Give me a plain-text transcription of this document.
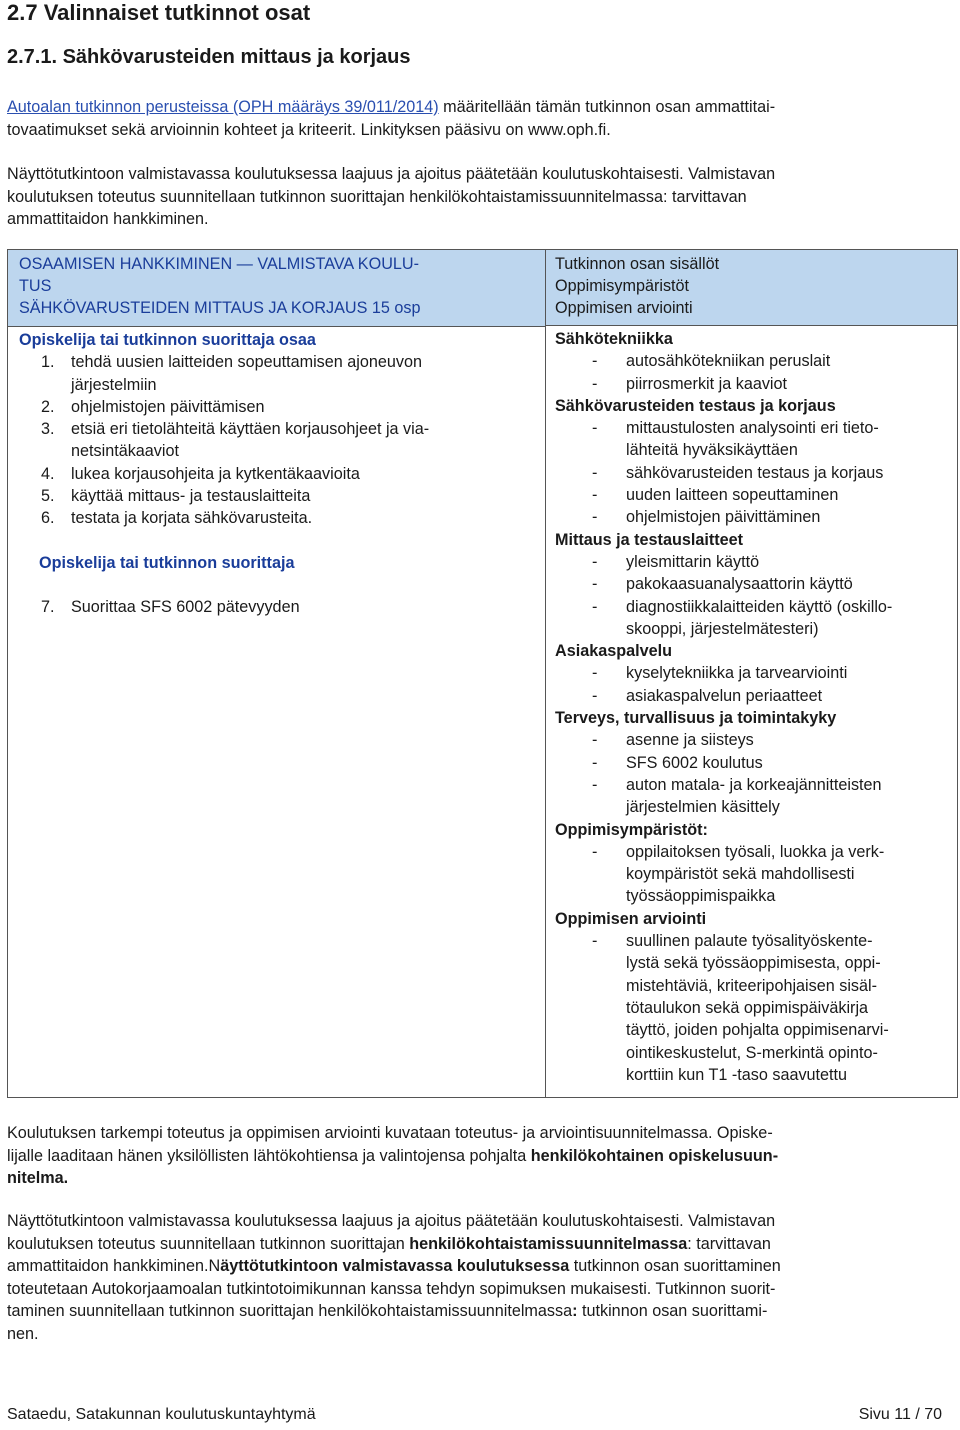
2.7 Valinnaiset tutkinnot osat
2.7.1. Sähkövarusteiden mittaus ja korjaus
Autoalan tutkinnon perusteissa (OPH määräys 39/011/2014) määritellään tämän tutkinnon osan ammattitai-
tovaatimukset sekä arvioinnin kohteet ja kriteerit. Linkityksen pääsivu on www.oph.fi.
Näyttötutkintoon valmistavassa koulutuksessa laajuus ja ajoitus päätetään koulutuskohtaisesti. Valmistavan
koulutuksen toteutus suunnitellaan tutkinnon suorittajan henkilökohtaistamissuunnitelmassa: tarvittavan
ammattitaidon hankkiminen.
OSAAMISEN HANKKIMINEN — VALMISTAVA KOULU-
TUS
SÄHKÖVARUSTEIDEN MITTAUS JA KORJAUS 15 osp
Opiskelija tai tutkinnon suorittaja osaa
1. tehdä uusien laitteiden sopeuttamisen ajoneuvon
järjestelmiin
2. ohjelmistojen päivittämisen
3. etsiä eri tietolähteitä käyttäen korjausohjeet ja via-
netsintäkaaviot
4. lukea korjausohjeita ja kytkentäkaavioita
5. käyttää mittaus- ja testauslaitteita
6. testata ja korjata sähkövarusteita.
Opiskelija tai tutkinnon suorittaja
7. Suorittaa SFS 6002 pätevyyden
Tutkinnon osan sisällöt
Oppimisympäristöt
Oppimisen arviointi
Sähkötekniikka
- autosähkötekniikan peruslait
- piirrosmerkit ja kaaviot
Sähkövarusteiden testaus ja korjaus
- mittaustulosten analysointi eri tieto-
lähteitä hyväksikäyttäen
- sähkövarusteiden testaus ja korjaus
- uuden laitteen sopeuttaminen
- ohjelmistojen päivittäminen
Mittaus ja testauslaitteet
- yleismittarin käyttö
- pakokaasuanalysaattorin käyttö
- diagnostiikkalaitteiden käyttö (oskillo-
skooppi, järjestelmätesteri)
Asiakaspalvelu
- kyselytekniikka ja tarvearviointi
- asiakaspalvelun periaatteet
Terveys, turvallisuus ja toimintakyky
- asenne ja siisteys
- SFS 6002 koulutus
- auton matala- ja korkeajännitteisten
järjestelmien käsittely
Oppimisympäristöt:
- oppilaitoksen työsali, luokka ja verk-
koympäristöt sekä mahdollisesti
työssäoppimispaikka
Oppimisen arviointi
- suullinen palaute työsalityöskente-
lystä sekä työssäoppimisesta, oppi-
mistehtäviä, kriteeripohjaisen sisäl-
tötaulukon sekä oppimispäiväkirja
täyttö, joiden pohjalta oppimisenarvi-
ointikeskustelut, S-merkintä opinto-
korttiin kun T1 -taso saavutettu
Koulutuksen tarkempi toteutus ja oppimisen arviointi kuvataan toteutus- ja arviointisuunnitelmassa. Opiske-
lijalle laaditaan hänen yksilöllisten lähtökohtiensa ja valintojensa pohjalta henkilökohtainen opiskelusuun-
nitelma.
Näyttötutkintoon valmistavassa koulutuksessa laajuus ja ajoitus päätetään koulutuskohtaisesti. Valmistavan
koulutuksen toteutus suunnitellaan tutkinnon suorittajan henkilökohtaistamissuunnitelmassa: tarvittavan
ammattitaidon hankkiminen.Näyttötutkintoon valmistavassa koulutuksessa tutkinnon osan suorittaminen
toteutetaan Autokorjaamoalan tutkintotoimikunnan kanssa tehdyn sopimuksen mukaisesti. Tutkinnon suorit-
taminen suunnitellaan tutkinnon suorittajan henkilökohtaistamissuunnitelmassa: tutkinnon osan suorittami-
nen.
Sataedu, Satakunnan koulutuskuntayhtymä	Sivu 11 / 70
